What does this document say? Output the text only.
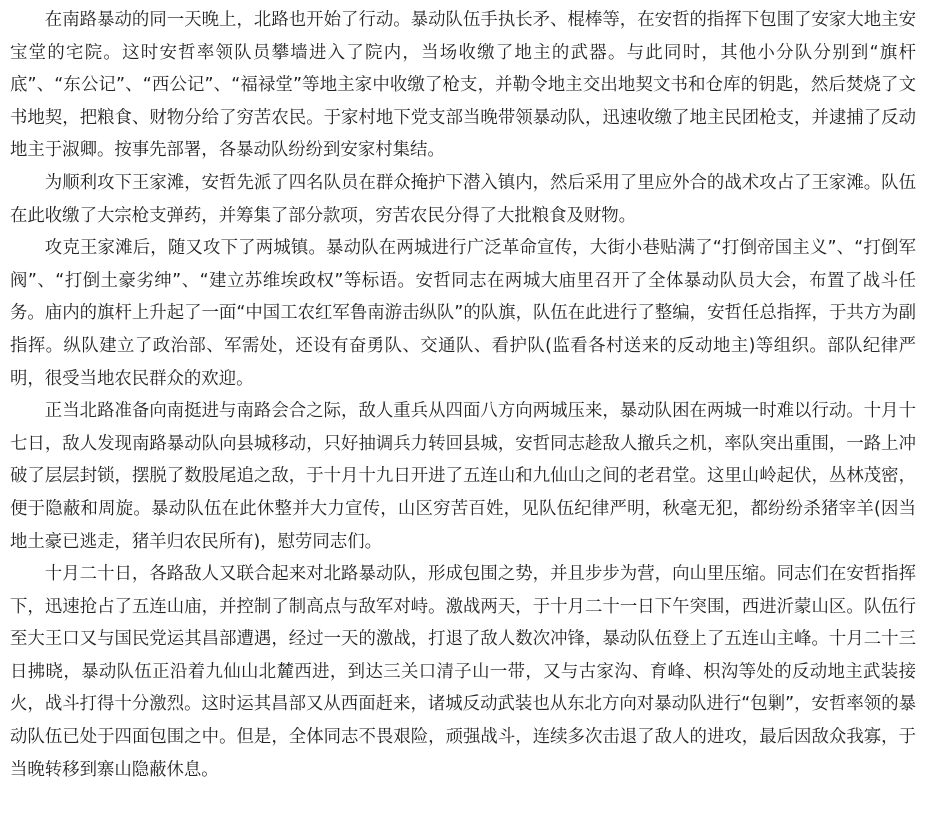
在南路暴动的同一天晚上，北路也开始了行动。暴动队伍手执长矛、棍棒等，在安哲的指挥下包围了安家大地主安宝堂的宅院。这时安哲率领队员攀墙进入了院内，当场收缴了地主的武器。与此同时，其他小分队分别到“旗杆底”、“东公记”、“西公记”、“福禄堂”等地主家中收缴了枪支，并勒令地主交出地契文书和仓库的钥匙，然后焚烧了文书地契，把粮食、财物分给了穷苦农民。于家村地下党支部当晚带领暴动队，迅速收缴了地主民团枪支，并逮捕了反动地主于淑卿。按事先部署，各暴动队纷纷到安家村集结。

为顺利攻下王家滩，安哲先派了四名队员在群众掩护下潜入镇内，然后采用了里应外合的战术攻占了王家滩。队伍在此收缴了大宗枪支弹药，并筹集了部分款项，穷苦农民分得了大批粮食及财物。

攻克王家滩后，随又攻下了两城镇。暴动队在两城进行广泛革命宣传，大街小巷贴满了“打倒帝国主义”、“打倒军阀”、“打倒土豪劣绅”、“建立苏维埃政权”等标语。安哲同志在两城大庙里召开了全体暴动队员大会，布置了战斗任务。庙内的旗杆上升起了一面“中国工农红军鲁南游击纵队”的队旗，队伍在此进行了整编，安哲任总指挥，于共方为副指挥。纵队建立了政治部、军需处，还设有奋勇队、交通队、看护队(监看各村送来的反动地主)等组织。部队纪律严明，很受当地农民群众的欢迎。

正当北路准备向南挺进与南路会合之际，敌人重兵从四面八方向两城压来，暴动队困在两城一时难以行动。十月十七日，敌人发现南路暴动队向县城移动，只好抽调兵力转回县城，安哲同志趁敌人撤兵之机，率队突出重围，一路上冲破了层层封锁，摆脱了数股尾追之敌，于十月十九日开进了五连山和九仙山之间的老君堂。这里山岭起伏，丛林茂密，便于隐蔽和周旋。暴动队伍在此休整并大力宣传，山区穷苦百姓，见队伍纪律严明，秋毫无犯，都纷纷杀猪宰羊(因当地土豪已逃走，猪羊归农民所有)，慰劳同志们。

十月二十日，各路敌人又联合起来对北路暴动队，形成包围之势，并且步步为营，向山里压缩。同志们在安哲指挥下，迅速抢占了五连山庙，并控制了制高点与敌军对峙。激战两天，于十月二十一日下午突围，西进沂蒙山区。队伍行至大王口又与国民党运其昌部遭遇，经过一天的激战，打退了敌人数次冲锋，暴动队伍登上了五连山主峰。十月二十三日拂晓，暴动队伍正沿着九仙山北麓西进，到达三关口清子山一带，又与古家沟、育峰、枳沟等处的反动地主武装接火，战斗打得十分激烈。这时运其昌部又从西面赶来，诸城反动武装也从东北方向对暴动队进行“包剿”，安哲率领的暴动队伍已处于四面包围之中。但是，全体同志不畏艰险，顽强战斗，连续多次击退了敌人的进攻，最后因敌众我寡，于当晚转移到寨山隐蔽休息。
